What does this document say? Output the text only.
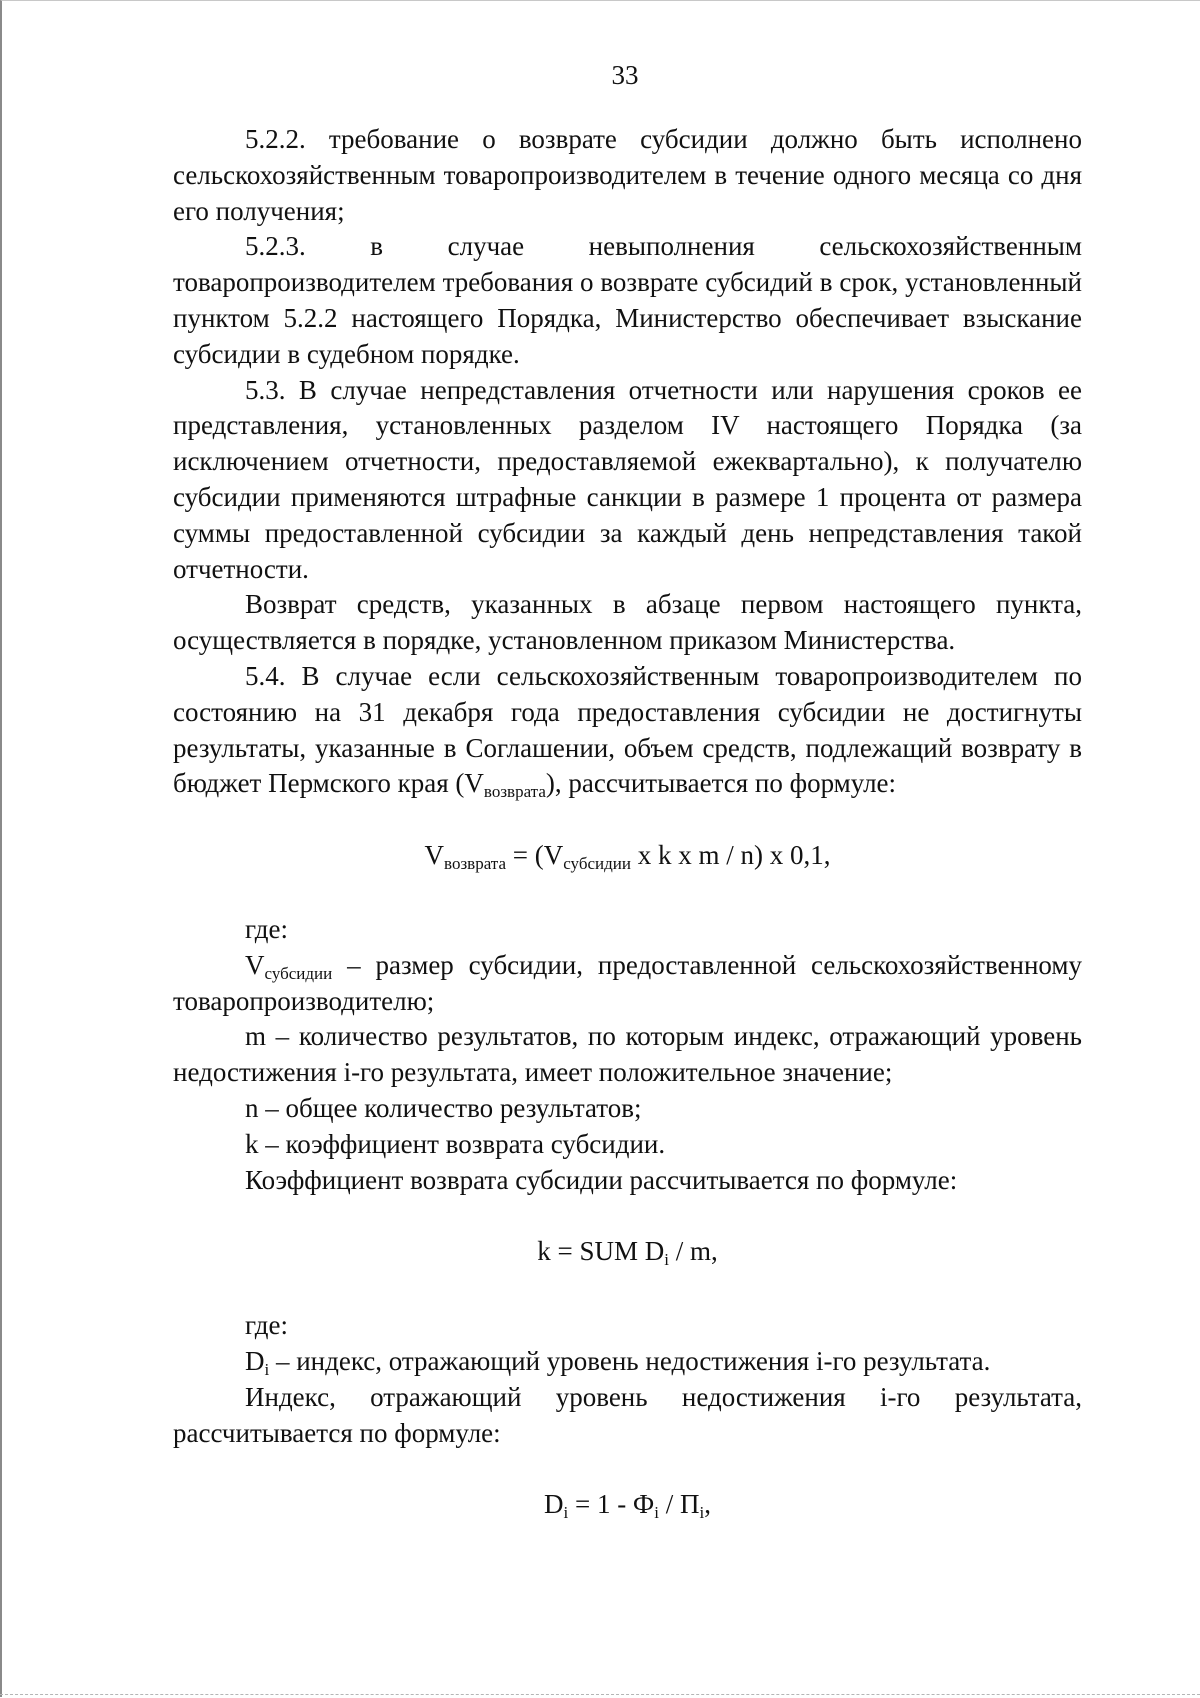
33

5.2.2. требование о возврате субсидии должно быть исполнено сельскохозяйственным товаропроизводителем в течение одного месяца со дня его получения;

5.2.3. в случае невыполнения сельскохозяйственным товаропроизводителем требования о возврате субсидий в срок, установленный пунктом 5.2.2 настоящего Порядка, Министерство обеспечивает взыскание субсидии в судебном порядке.

5.3. В случае непредставления отчетности или нарушения сроков ее представления, установленных разделом IV настоящего Порядка (за исключением отчетности, предоставляемой ежеквартально), к получателю субсидии применяются штрафные санкции в размере 1 процента от размера суммы предоставленной субсидии за каждый день непредставления такой отчетности.

Возврат средств, указанных в абзаце первом настоящего пункта, осуществляется в порядке, установленном приказом Министерства.

5.4. В случае если сельскохозяйственным товаропроизводителем по состоянию на 31 декабря года предоставления субсидии не достигнуты результаты, указанные в Соглашении, объем средств, подлежащий возврату в бюджет Пермского края $(V_{возврата})$, рассчитывается по формуле:

$V_{возврата} = (V_{субсидии}$ x k x m / n) x 0,1,

где:

$V_{субсидии}$ – размер субсидии, предоставленной сельскохозяйственному товаропроизводителю;

m – количество результатов, по которым индекс, отражающий уровень недостижения i-го результата, имеет положительное значение;

n – общее количество результатов;

k – коэффициент возврата субсидии.

Коэффициент возврата субсидии рассчитывается по формуле:

k = SUM $D_i$ / m,

где:

$D_i$ – индекс, отражающий уровень недостижения i-го результата.

Индекс, отражающий уровень недостижения i-го результата, рассчитывается по формуле:

$D_i = 1 - Ф_i / П_i$,
